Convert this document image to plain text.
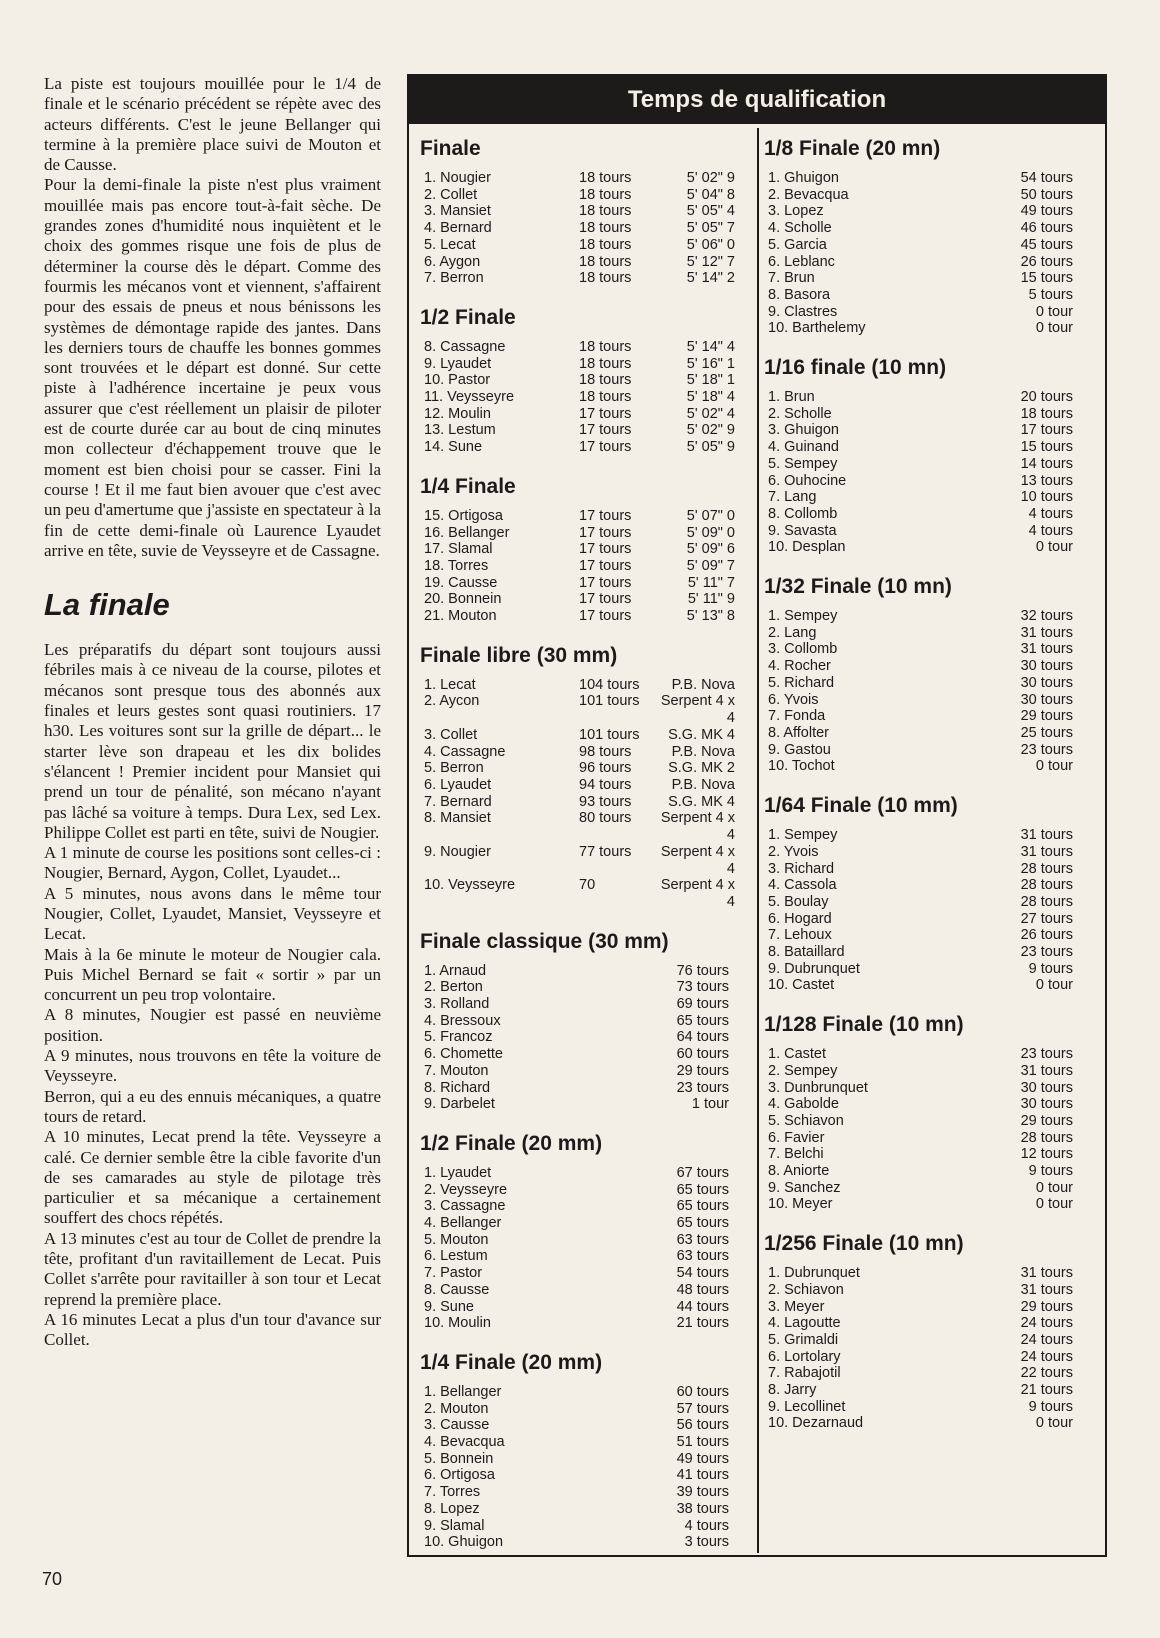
La piste est toujours mouillée pour le 1/4 de finale et le scénario précédent se répète avec des acteurs différents. C'est le jeune Bellanger qui termine à la première place suivi de Mouton et de Causse.

Pour la demi-finale la piste n'est plus vraiment mouillée mais pas encore tout-à-fait sèche. De grandes zones d'humidité nous inquiètent et le choix des gommes risque une fois de plus de déterminer la course dès le départ. Comme des fourmis les mécanos vont et viennent, s'affairent pour des essais de pneus et nous bénissons les systèmes de démontage rapide des jantes. Dans les derniers tours de chauffe les bonnes gommes sont trouvées et le départ est donné. Sur cette piste à l'adhérence incertaine je peux vous assurer que c'est réellement un plaisir de piloter est de courte durée car au bout de cinq minutes mon collecteur d'échappement trouve que le moment est bien choisi pour se casser. Fini la course ! Et il me faut bien avouer que c'est avec un peu d'amertume que j'assiste en spectateur à la fin de cette demi-finale où Laurence Lyaudet arrive en tête, suvie de Veysseyre et de Cassagne.

La finale

Les préparatifs du départ sont toujours aussi fébriles mais à ce niveau de la course, pilotes et mécanos sont presque tous des abonnés aux finales et leurs gestes sont quasi routiniers. 17 h30. Les voitures sont sur la grille de départ... le starter lève son drapeau et les dix bolides s'élancent ! Premier incident pour Mansiet qui prend un tour de pénalité, son mécano n'ayant pas lâché sa voiture à temps. Dura Lex, sed Lex. Philippe Collet est parti en tête, suivi de Nougier.

A 1 minute de course les positions sont celles-ci : Nougier, Bernard, Aygon, Collet, Lyaudet...

A 5 minutes, nous avons dans le même tour Nougier, Collet, Lyaudet, Mansiet, Veysseyre et Lecat.

Mais à la 6e minute le moteur de Nougier cala. Puis Michel Bernard se fait « sortir » par un concurrent un peu trop volontaire.

A 8 minutes, Nougier est passé en neuvième position.

A 9 minutes, nous trouvons en tête la voiture de Veysseyre.

Berron, qui a eu des ennuis mécaniques, a quatre tours de retard.

A 10 minutes, Lecat prend la tête. Veysseyre a calé. Ce dernier semble être la cible favorite d'un de ses camarades au style de pilotage très particulier et sa mécanique a certainement souffert des chocs répétés.

A 13 minutes c'est au tour de Collet de prendre la tête, profitant d'un ravitaillement de Lecat. Puis Collet s'arrête pour ravitailler à son tour et Lecat reprend la première place.

A 16 minutes Lecat a plus d'un tour d'avance sur Collet.

70
Temps de qualification
Finale
1. Nougier	18 tours	5' 02" 9
2. Collet	18 tours	5' 04" 8
3. Mansiet	18 tours	5' 05" 4
4. Bernard	18 tours	5' 05" 7
5. Lecat	18 tours	5' 06" 0
6. Aygon	18 tours	5' 12" 7
7. Berron	18 tours	5' 14" 2
1/2 Finale
8. Cassagne	18 tours	5' 14" 4
9. Lyaudet	18 tours	5' 16" 1
10. Pastor	18 tours	5' 18" 1
11. Veysseyre	18 tours	5' 18" 4
12. Moulin	17 tours	5' 02" 4
13. Lestum	17 tours	5' 02" 9
14. Sune	17 tours	5' 05" 9
1/4 Finale
15. Ortigosa	17 tours	5' 07" 0
16. Bellanger	17 tours	5' 09" 0
17. Slamal	17 tours	5' 09" 6
18. Torres	17 tours	5' 09" 7
19. Causse	17 tours	5' 11" 7
20. Bonnein	17 tours	5' 11" 9
21. Mouton	17 tours	5' 13" 8
Finale libre (30 mm)
1. Lecat	104 tours	P.B. Nova
2. Aycon	101 tours	Serpent 4 x 4
3. Collet	101 tours	S.G. MK 4
4. Cassagne	98 tours	P.B. Nova
5. Berron	96 tours	S.G. MK 2
6. Lyaudet	94 tours	P.B. Nova
7. Bernard	93 tours	S.G. MK 4
8. Mansiet	80 tours	Serpent 4 x 4
9. Nougier	77 tours	Serpent 4 x 4
10. Veysseyre	70	Serpent 4 x 4
Finale classique (30 mm)
1. Arnaud	76 tours
2. Berton	73 tours
3. Rolland	69 tours
4. Bressoux	65 tours
5. Francoz	64 tours
6. Chomette	60 tours
7. Mouton	29 tours
8. Richard	23 tours
9. Darbelet	1 tour
1/2 Finale (20 mm)
1. Lyaudet	67 tours
2. Veysseyre	65 tours
3. Cassagne	65 tours
4. Bellanger	65 tours
5. Mouton	63 tours
6. Lestum	63 tours
7. Pastor	54 tours
8. Causse	48 tours
9. Sune	44 tours
10. Moulin	21 tours
1/4 Finale (20 mm)
1. Bellanger	60 tours
2. Mouton	57 tours
3. Causse	56 tours
4. Bevacqua	51 tours
5. Bonnein	49 tours
6. Ortigosa	41 tours
7. Torres	39 tours
8. Lopez	38 tours
9. Slamal	4 tours
10. Ghuigon	3 tours
1/8 Finale (20 mn)
1. Ghuigon	54 tours
2. Bevacqua	50 tours
3. Lopez	49 tours
4. Scholle	46 tours
5. Garcia	45 tours
6. Leblanc	26 tours
7. Brun	15 tours
8. Basora	5 tours
9. Clastres	0 tour
10. Barthelemy	0 tour
1/16 finale (10 mn)
1. Brun	20 tours
2. Scholle	18 tours
3. Ghuigon	17 tours
4. Guinand	15 tours
5. Sempey	14 tours
6. Ouhocine	13 tours
7. Lang	10 tours
8. Collomb	4 tours
9. Savasta	4 tours
10. Desplan	0 tour
1/32 Finale (10 mn)
1. Sempey	32 tours
2. Lang	31 tours
3. Collomb	31 tours
4. Rocher	30 tours
5. Richard	30 tours
6. Yvois	30 tours
7. Fonda	29 tours
8. Affolter	25 tours
9. Gastou	23 tours
10. Tochot	0 tour
1/64 Finale (10 mm)
1. Sempey	31 tours
2. Yvois	31 tours
3. Richard	28 tours
4. Cassola	28 tours
5. Boulay	28 tours
6. Hogard	27 tours
7. Lehoux	26 tours
8. Bataillard	23 tours
9. Dubrunquet	9 tours
10. Castet	0 tour
1/128 Finale (10 mn)
1. Castet	23 tours
2. Sempey	31 tours
3. Dunbrunquet	30 tours
4. Gabolde	30 tours
5. Schiavon	29 tours
6. Favier	28 tours
7. Belchi	12 tours
8. Aniorte	9 tours
9. Sanchez	0 tour
10. Meyer	0 tour
1/256 Finale (10 mn)
1. Dubrunquet	31 tours
2. Schiavon	31 tours
3. Meyer	29 tours
4. Lagoutte	24 tours
5. Grimaldi	24 tours
6. Lortolary	24 tours
7. Rabajotil	22 tours
8. Jarry	21 tours
9. Lecollinet	9 tours
10. Dezarnaud	0 tour
